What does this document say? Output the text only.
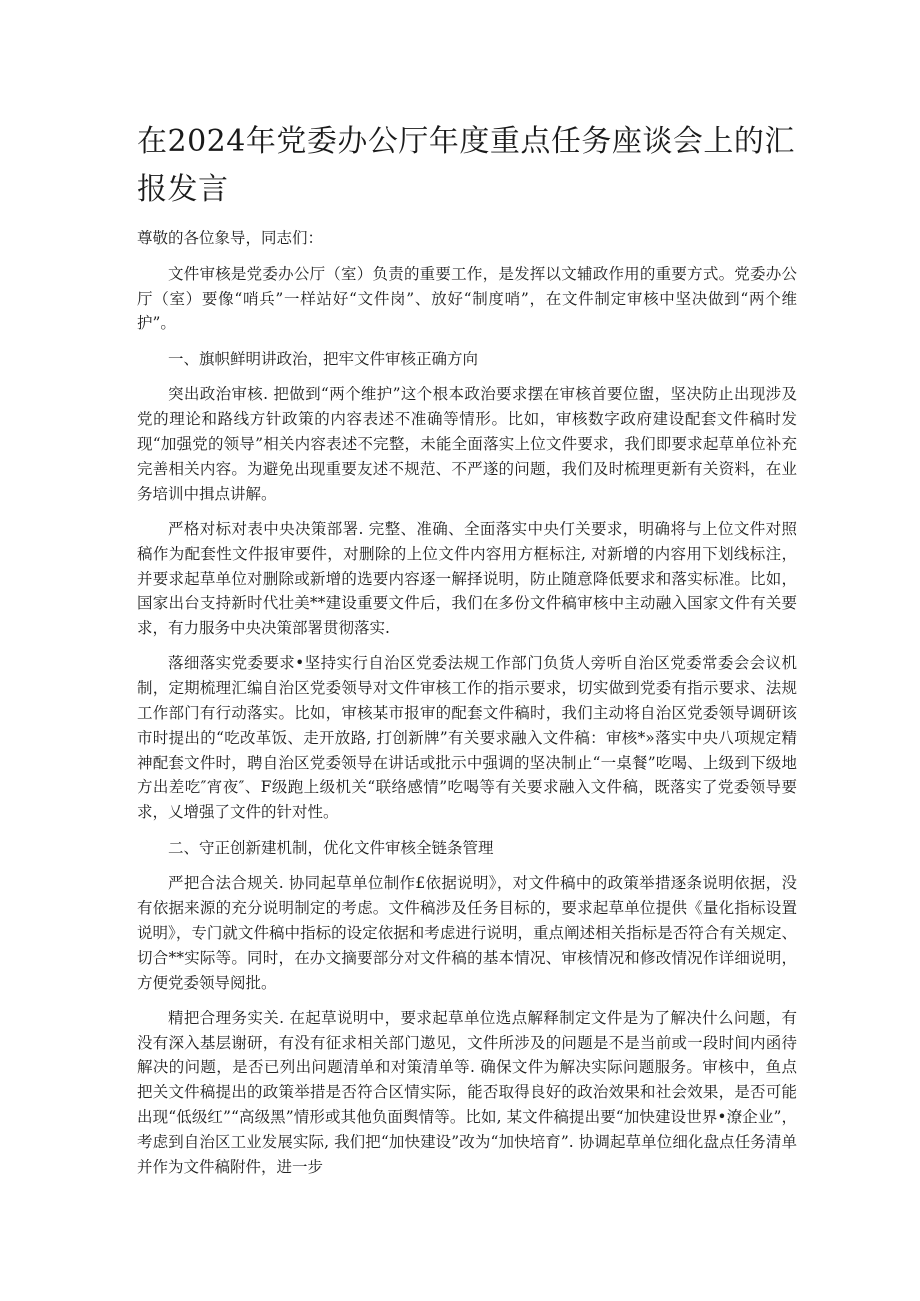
在2024年党委办公厅年度重点任务座谈会上的汇报发言

尊敬的各位象导，同志们：

文件审核是党委办公厅（室）负责的重要工作，是发挥以文辅政作用的重要方式。党委办公厅（室）要像“哨兵”一样站好“文件岗”、放好“制度哨”，在文件制定审核中坚决做到“两个维护”。

一、旗帜鲜明讲政治，把牢文件审核正确方向

突出政治审核. 把做到“两个维护”这个根本政治要求摆在审核首要位盥，坚决防止出现涉及党的理论和路线方针政策的内容表述不准确等情形。比如，审核数字政府建设配套文件稿时发现“加强党的领导”相关内容表述不完整，未能全面落实上位文件要求，我们即要求起草单位补充完善相关内容。为避免出现重要友述不规范、不严遂的问题，我们及时梳理更新有关资料，在业务培训中揖点讲解。

严格对标对表中央决策部署. 完整、准确、全面落实中央仃关要求，明确将与上位文件对照稿作为配套性文件报审要件，对删除的上位文件内容用方框标注, 对新增的内容用下划线标注，并要求起草单位对删除或新增的选要内容逐一解择说明，防止随意降低要求和落实标准。比如，国家出台支持新时代壮美**建设重要文件后，我们在多份文件稿审核中主动融入国家文件有关要求，有力服务中央决策部署贯彻落实.

落细落实党委要求•坚持实行自治区党委法规工作部门负货人旁听自治区党委常委会会议机制，定期梳理汇编自治区党委领导对文件审核工作的指示要求，切实做到党委有指示要求、法规工作部门有行动落实。比如，审核某市报审的配套文件稿时，我们主动将自治区党委领导调研该市时提出的“吃改革饭、走开放路, 打创新牌”有关要求融入文件稿：审核*»落实中央八项规定精神配套文件时，聘自治区党委领导在讲话或批示中强调的坚决制止“一桌餐”吃喝、上级到下级地方出差吃″宵夜″、F级跑上级机关“联络感情”吃喝等有关要求融入文件稿，既落实了党委领导要求，乂增强了文件的针对性。

二、守正创新建机制，优化文件审核全链条管理

严把合法合规关. 协同起草单位制作£依据说明》，对文件稿中的政策举措逐条说明依据，没有依据来源的充分说明制定的考虑。文件稿涉及任务目标的，要求起草单位提供《量化指标设置说明》，专门就文件稿中指标的设定依据和考虑进行说明，重点阐述相关指标是否符合有关规定、切合**实际等。同时，在办文摘要部分对文件稿的基本情况、审核情况和修改情况作详细说明，方便党委领导阅批。

精把合理务实关. 在起草说明中，要求起草单位选点解释制定文件是为了解决什么问题，有没有深入基层谢研，有没有征求相关部门遨见，文件所涉及的问题是不是当前或一段时间内函待解决的问题，是否已列出问题清单和对策清单等. 确保文件为解决实际问题服务。审核中，鱼点把关文件稿提出的政策举措是否符合区情实际，能否取得良好的政治效果和社会效果，是否可能出现“低级红”“高级黑”情形或其他负面舆情等。比如, 某文件稿提出要“加快建设世界•潦企业”，考虑到自治区工业发展实际, 我们把“加快建设”改为“加快培育”. 协调起草单位细化盘点任务清单并作为文件稿附件，进一步
